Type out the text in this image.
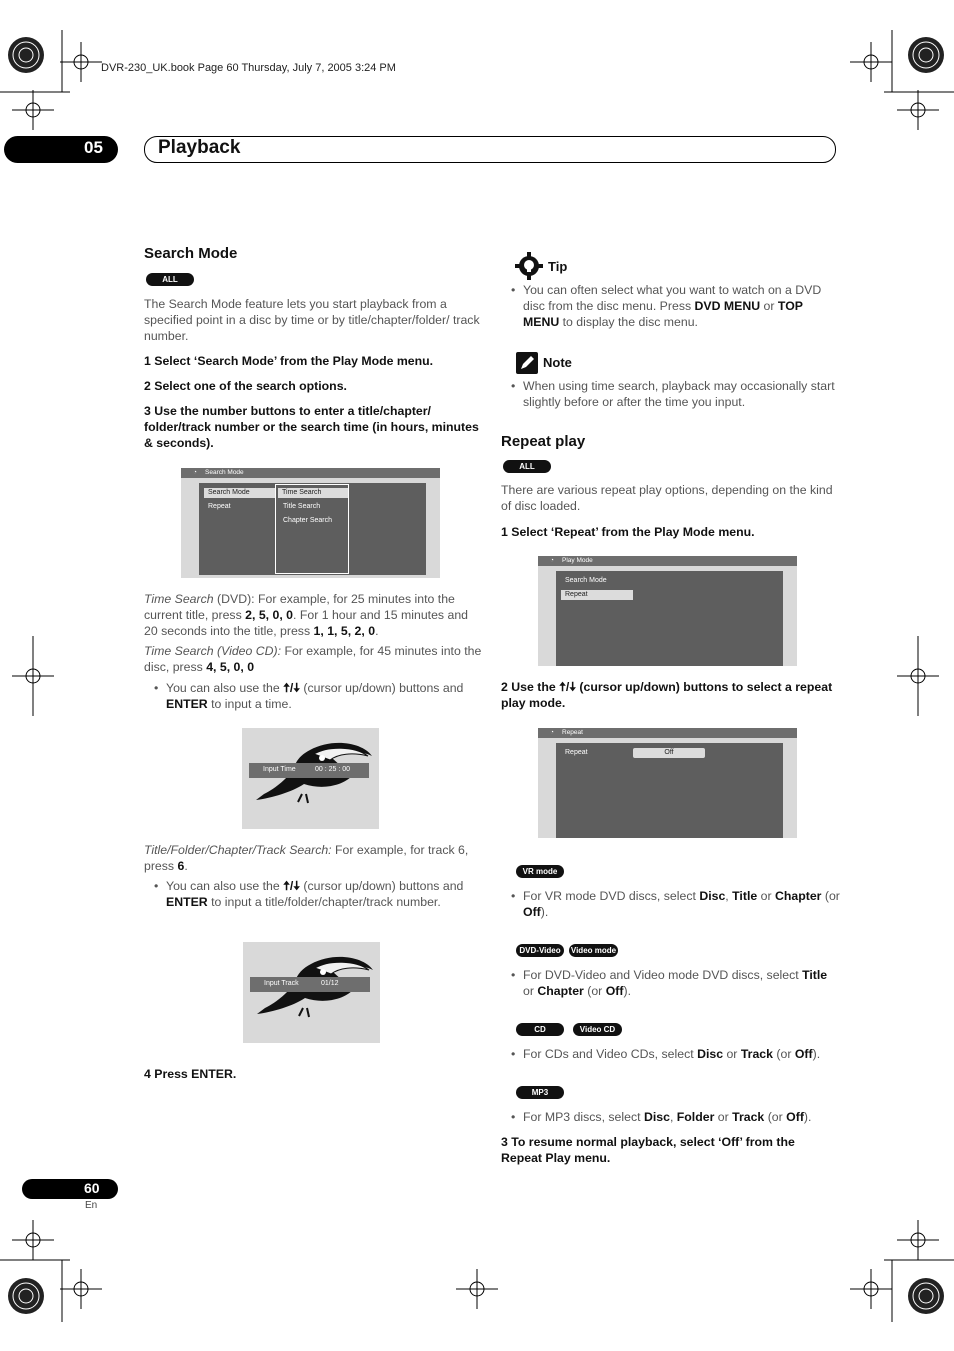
DVR-230_UK.book Page 60 Thursday, July 7, 2005 3:24 PM
05	Playback
Search Mode
ALL
The Search Mode feature lets you start playback from a specified point in a disc by time or by title/chapter/folder/ track number.
1 Select ‘Search Mode’ from the Play Mode menu.
2 Select one of the search options.
3 Use the number buttons to enter a title/chapter/ folder/track number or the search time (in hours, minutes & seconds).
◔ Search Mode
Search Mode
Repeat
Time Search
Title Search
Chapter Search
Time Search (DVD): For example, for 25 minutes into the current title, press 2, 5, 0, 0. For 1 hour and 15 minutes and 20 seconds into the title, press 1, 1, 5, 2, 0.
Time Search (Video CD): For example, for 45 minutes into the disc, press 4, 5, 0, 0
• You can also use the 🠅/🠇 (cursor up/down) buttons and ENTER to input a time.
Input Time	00 : 25 : 00
Title/Folder/Chapter/Track Search: For example, for track 6, press 6.
• You can also use the 🠅/🠇 (cursor up/down) buttons and ENTER to input a title/folder/chapter/track number.
Input Track	01/12
4 Press ENTER.
Tip
• You can often select what you want to watch on a DVD disc from the disc menu. Press DVD MENU or TOP MENU to display the disc menu.
Note
• When using time search, playback may occasionally start slightly before or after the time you input.
Repeat play
ALL
There are various repeat play options, depending on the kind of disc loaded.
1 Select ‘Repeat’ from the Play Mode menu.
◔ Play Mode
Search Mode
Repeat
2 Use the 🠅/🠇 (cursor up/down) buttons to select a repeat play mode.
◔ Repeat
Repeat	Off
VR mode
• For VR mode DVD discs, select Disc, Title or Chapter (or Off).
DVD-Video	Video mode
• For DVD-Video and Video mode DVD discs, select Title or Chapter (or Off).
CD	Video CD
• For CDs and Video CDs, select Disc or Track (or Off).
MP3
• For MP3 discs, select Disc, Folder or Track (or Off).
3 To resume normal playback, select ‘Off’ from the Repeat Play menu.
60
En
